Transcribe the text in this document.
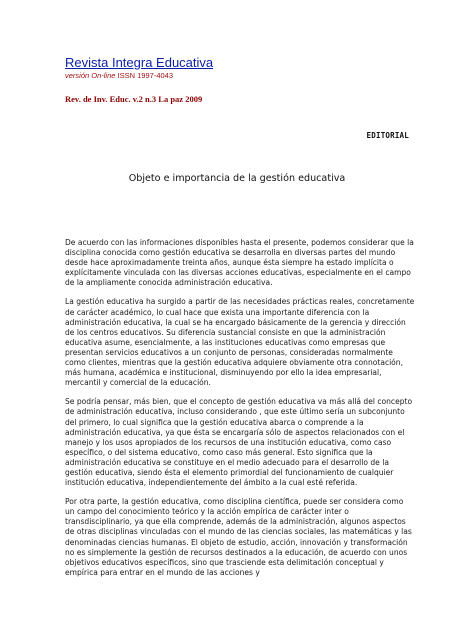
Revista Integra Educativa
versión On-line ISSN 1997-4043
Rev. de Inv. Educ. v.2 n.3 La paz 2009
EDITORIAL
Objeto e importancia de la gestión educativa

De acuerdo con las informaciones disponibles hasta el presente, podemos considerar que la disciplina conocida como gestión educativa se desarrolla en diversas partes del mundo desde hace aproximadamente treinta años, aunque ésta siempre ha estado implícita o explícitamente vinculada con las diversas acciones educativas, especialmente en el campo de la ampliamente conocida administración educativa.

La gestión educativa ha surgido a partir de las necesidades prácticas reales, concretamente de carácter académico, lo cual hace que exista una importante diferencia con la administración educativa, la cual se ha encargado básicamente de la gerencia y dirección de los centros educativos. Su diferencia sustancial consiste en que la administración educativa asume, esencialmente, a las instituciones educativas como empresas que presentan servicios educativos a un conjunto de personas, consideradas normalmente como clientes, mientras que la gestión educativa adquiere obviamente otra connotación, más humana, académica e institucional, disminuyendo por ello la idea empresarial, mercantil y comercial de la educación.

Se podría pensar, más bien, que el concepto de gestión educativa va más allá del concepto de administración educativa, incluso considerando , que este último sería un subconjunto del primero, lo cual significa que la gestión educativa abarca o comprende a la administración educativa, ya que ésta se encargaría sólo de aspectos relacionados con el manejo y los usos apropiados de los recursos de una institución educativa, como caso específico, o del sistema educativo, como caso más general. Esto significa que la administración educativa se constituye en el medio adecuado para el desarrollo de la gestión educativa, siendo ésta el elemento primordial del funcionamiento de cualquier institución educativa, independientemente del ámbito a la cual esté referida.

Por otra parte, la gestión educativa, como disciplina científica, puede ser considera como un campo del conocimiento teórico y la acción empírica de carácter inter o transdisciplinario, ya que ella comprende, además de la administración, algunos aspectos de otras disciplinas vinculadas con el mundo de las ciencias sociales, las matemáticas y las denominadas ciencias humanas. El objeto de estudio, acción, innovación y transformación no es simplemente la gestión de recursos destinados a la educación, de acuerdo con unos objetivos educativos específicos, sino que trasciende esta delimitación conceptual y empírica para entrar en el mundo de las acciones y
